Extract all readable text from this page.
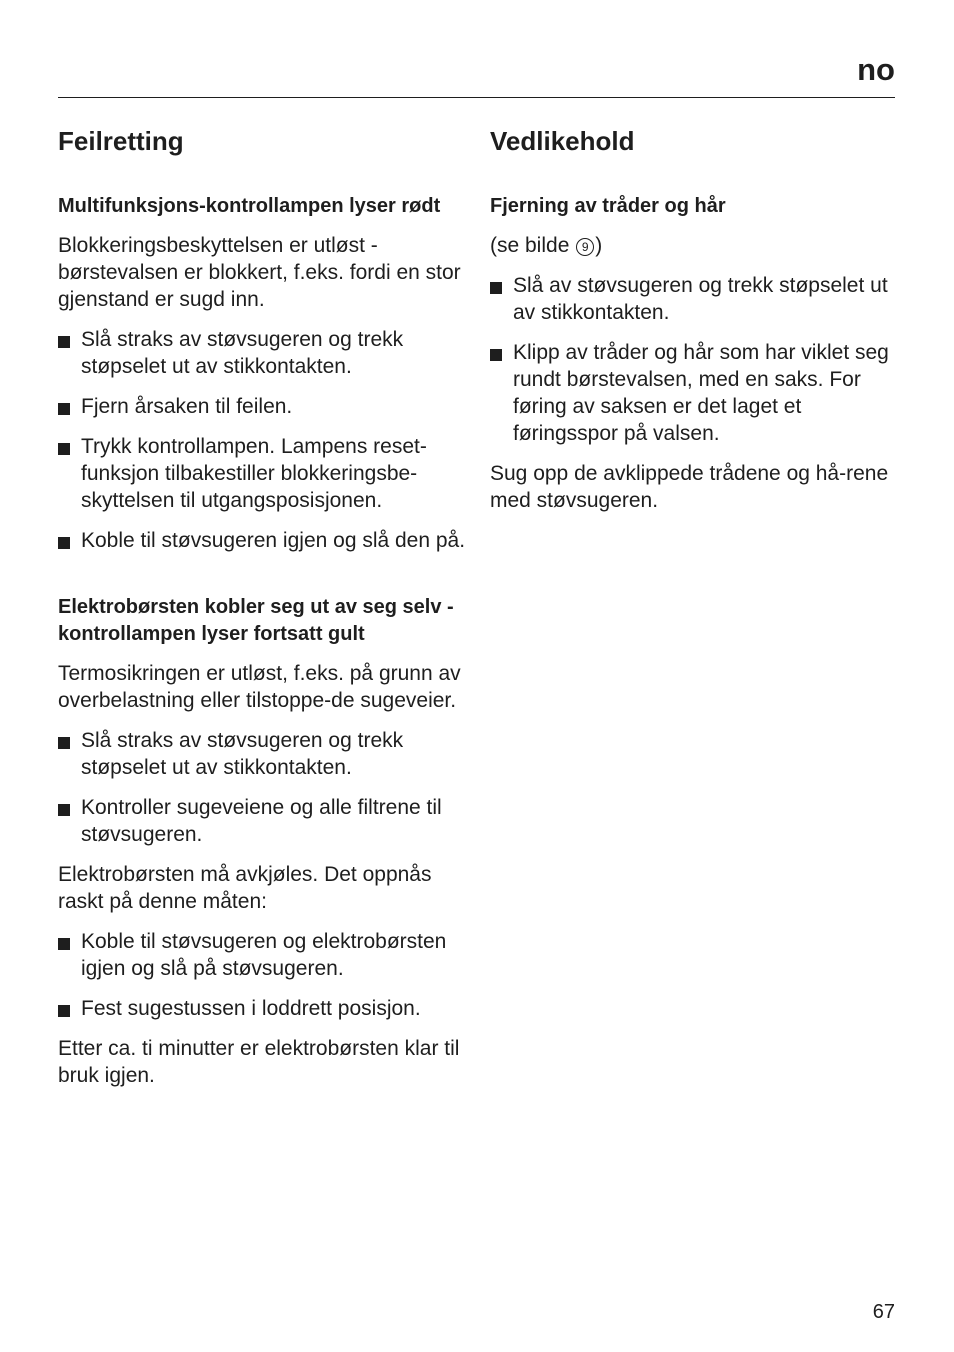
no
Feilretting
Multifunksjons-kontrollampen lyser rødt

Blokkeringsbeskyttelsen er utløst - børstevalsen er blokkert, f.eks. fordi en stor gjenstand er sugd inn.

Slå straks av støvsugeren og trekk støpselet ut av stikkontakten.
Fjern årsaken til feilen.
Trykk kontrollampen. Lampens reset-funksjon tilbakestiller blokkeringsbe-skyttelsen til utgangsposisjonen.
Koble til støvsugeren igjen og slå den på.
Elektrobørsten kobler seg ut av seg selv - kontrollampen lyser fortsatt gult

Termosikringen er utløst, f.eks. på grunn av overbelastning eller tilstoppe-de sugeveier.

Slå straks av støvsugeren og trekk støpselet ut av stikkontakten.
Kontroller sugeveiene og alle filtrene til støvsugeren.

Elektrobørsten må avkjøles. Det oppnås raskt på denne måten:

Koble til støvsugeren og elektrobørsten igjen og slå på støvsugeren.
Fest sugestussen i loddrett posisjon.

Etter ca. ti minutter er elektrobørsten klar til bruk igjen.

Vedlikehold
Fjerning av tråder og hår

(se bilde 9 )

Slå av støvsugeren og trekk støpselet ut av stikkontakten.
Klipp av tråder og hår som har viklet seg rundt børstevalsen, med en saks. For føring av saksen er det laget et føringsspor på valsen.

Sug opp de avklippede trådene og hå-rene med støvsugeren.

67
